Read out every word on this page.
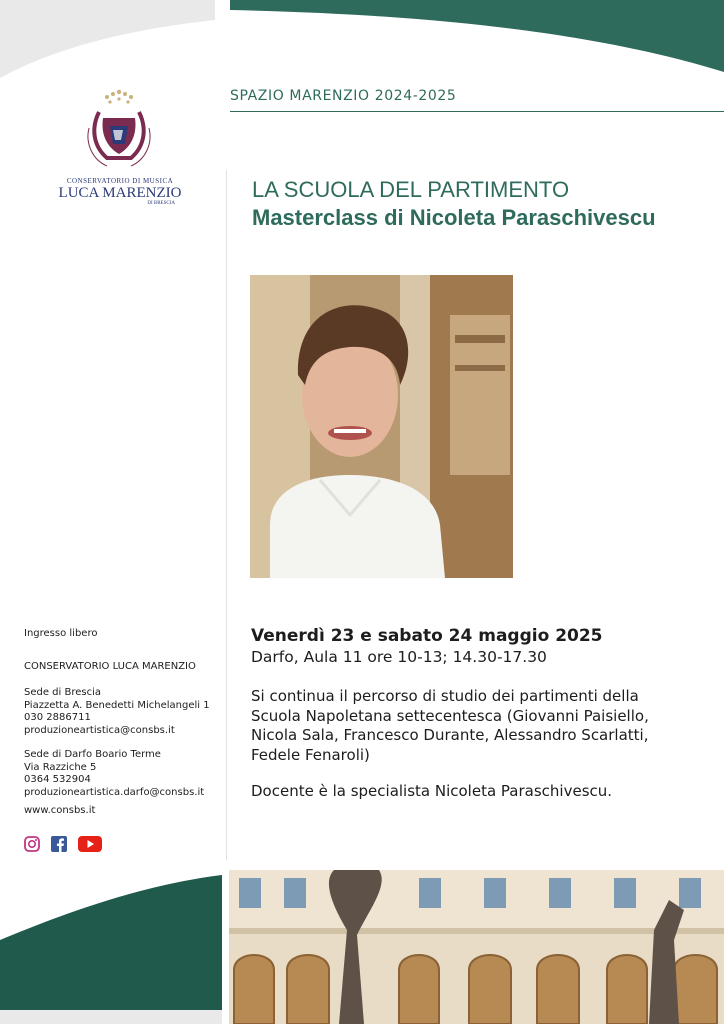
CONSERVATORIO DI MUSICA
LUCA MARENZIO
DI BRESCIA
SPAZIO MARENZIO 2024-2025
LA SCUOLA DEL PARTIMENTO
Masterclass di Nicoleta Paraschivescu
Venerdì 23 e sabato 24 maggio 2025
Darfo, Aula 11 ore 10-13; 14.30-17.30
Si continua il percorso di studio dei partimenti della
Scuola Napoletana settecentesca (Giovanni Paisiello,
Nicola Sala, Francesco Durante, Alessandro Scarlatti,
Fedele Fenaroli)
Docente è la specialista Nicoleta Paraschivescu.
Ingresso libero
CONSERVATORIO LUCA MARENZIO
Sede di Brescia
Piazzetta A. Benedetti Michelangeli 1
030 2886711
produzioneartistica@consbs.it
Sede di Darfo Boario Terme
Via Razziche 5
0364 532904
produzioneartistica.darfo@consbs.it
www.consbs.it
